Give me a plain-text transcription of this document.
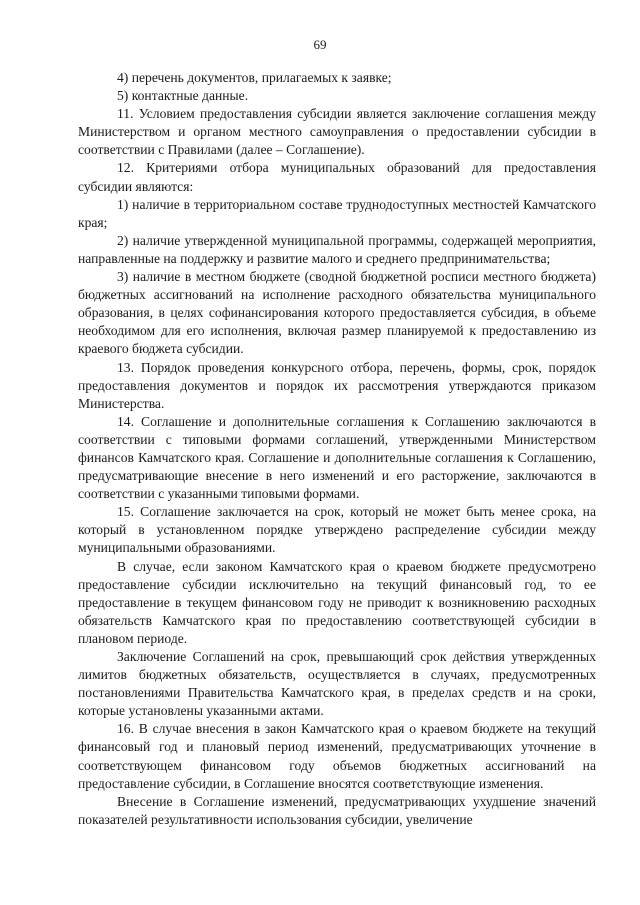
69

4) перечень документов, прилагаемых к заявке;

5) контактные данные.

11. Условием предоставления субсидии является заключение соглашения между Министерством и органом местного самоуправления о предоставлении субсидии в соответствии с Правилами (далее – Соглашение).

12. Критериями отбора муниципальных образований для предоставления субсидии являются:

1) наличие в территориальном составе труднодоступных местностей Камчатского края;

2) наличие утвержденной муниципальной программы, содержащей мероприятия, направленные на поддержку и развитие малого и среднего предпринимательства;

3) наличие в местном бюджете (сводной бюджетной росписи местного бюджета) бюджетных ассигнований на исполнение расходного обязательства муниципального образования, в целях софинансирования которого предоставляется субсидия, в объеме необходимом для его исполнения, включая размер планируемой к предоставлению из краевого бюджета субсидии.

13. Порядок проведения конкурсного отбора, перечень, формы, срок, порядок предоставления документов и порядок их рассмотрения утверждаются приказом Министерства.

14. Соглашение и дополнительные соглашения к Соглашению заключаются в соответствии с типовыми формами соглашений, утвержденными Министерством финансов Камчатского края. Соглашение и дополнительные соглашения к Соглашению, предусматривающие внесение в него изменений и его расторжение, заключаются в соответствии с указанными типовыми формами.

15. Соглашение заключается на срок, который не может быть менее срока, на который в установленном порядке утверждено распределение субсидии между муниципальными образованиями.

В случае, если законом Камчатского края о краевом бюджете предусмотрено предоставление субсидии исключительно на текущий финансовый год, то ее предоставление в текущем финансовом году не приводит к возникновению расходных обязательств Камчатского края по предоставлению соответствующей субсидии в плановом периоде.

Заключение Соглашений на срок, превышающий срок действия утвержденных лимитов бюджетных обязательств, осуществляется в случаях, предусмотренных постановлениями Правительства Камчатского края, в пределах средств и на сроки, которые установлены указанными актами.

16. В случае внесения в закон Камчатского края о краевом бюджете на текущий финансовый год и плановый период изменений, предусматривающих уточнение в соответствующем финансовом году объемов бюджетных ассигнований на предоставление субсидии, в Соглашение вносятся соответствующие изменения.

Внесение в Соглашение изменений, предусматривающих ухудшение значений показателей результативности использования субсидии, увеличение
